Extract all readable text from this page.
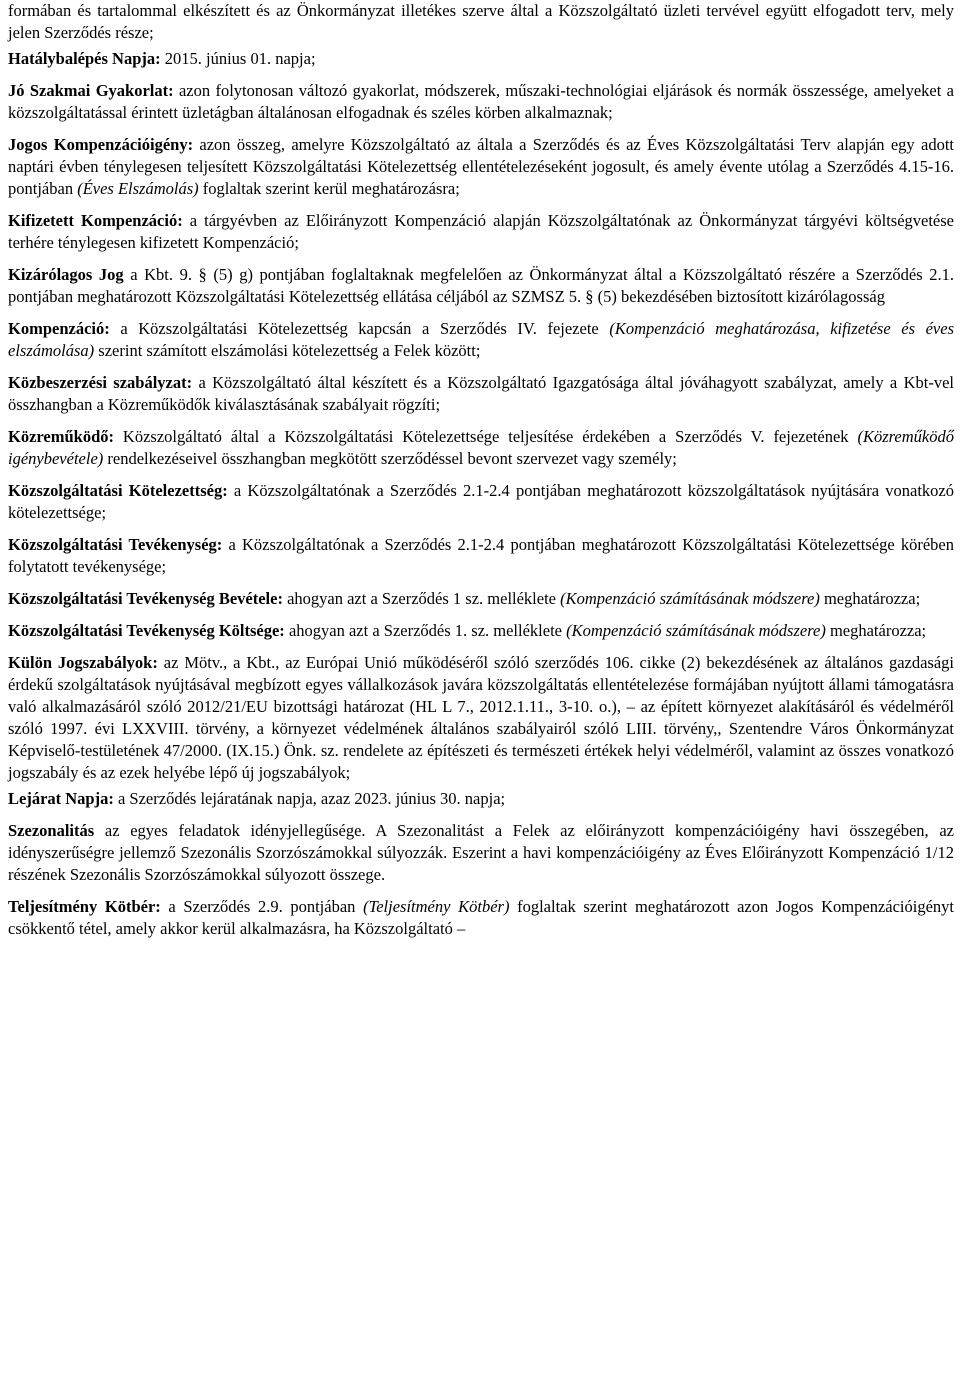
formában és tartalommal elkészített és az Önkormányzat illetékes szerve által a Közszolgáltató üzleti tervével együtt elfogadott terv, mely jelen Szerződés része;

Hatálybalépés Napja: 2015. június 01. napja;

Jó Szakmai Gyakorlat: azon folytonosan változó gyakorlat, módszerek, műszaki-technológiai eljárások és normák összessége, amelyeket a közszolgáltatással érintett üzletágban általánosan elfogadnak és széles körben alkalmaznak;

Jogos Kompenzációigény: azon összeg, amelyre Közszolgáltató az általa a Szerződés és az Éves Közszolgáltatási Terv alapján egy adott naptári évben ténylegesen teljesített Közszolgáltatási Kötelezettség ellentételezéseként jogosult, és amely évente utólag a Szerződés 4.15-16. pontjában (Éves Elszámolás) foglaltak szerint kerül meghatározásra;

Kifizetett Kompenzáció: a tárgyévben az Előirányzott Kompenzáció alapján Közszolgáltatónak az Önkormányzat tárgyévi költségvetése terhére ténylegesen kifizetett Kompenzáció;

Kizárólagos Jog a Kbt. 9. § (5) g) pontjában foglaltaknak megfelelően az Önkormányzat által a Közszolgáltató részére a Szerződés 2.1. pontjában meghatározott Közszolgáltatási Kötelezettség ellátása céljából az SZMSZ 5. § (5) bekezdésében biztosított kizárólagosság

Kompenzáció: a Közszolgáltatási Kötelezettség kapcsán a Szerződés IV. fejezete (Kompenzáció meghatározása, kifizetése és éves elszámolása) szerint számított elszámolási kötelezettség a Felek között;

Közbeszerzési szabályzat: a Közszolgáltató által készített és a Közszolgáltató Igazgatósága által jóváhagyott szabályzat, amely a Kbt-vel összhangban a Közreműködők kiválasztásának szabályait rögzíti;

Közreműködő: Közszolgáltató által a Közszolgáltatási Kötelezettsége teljesítése érdekében a Szerződés V. fejezetének (Közreműködő igénybevétele) rendelkezéseivel összhangban megkötött szerződéssel bevont szervezet vagy személy;

Közszolgáltatási Kötelezettség: a Közszolgáltatónak a Szerződés 2.1-2.4 pontjában meghatározott közszolgáltatások nyújtására vonatkozó kötelezettsége;

Közszolgáltatási Tevékenység: a Közszolgáltatónak a Szerződés 2.1-2.4 pontjában meghatározott Közszolgáltatási Kötelezettsége körében folytatott tevékenysége;

Közszolgáltatási Tevékenység Bevétele: ahogyan azt a Szerződés 1 sz. melléklete (Kompenzáció számításának módszere) meghatározza;

Közszolgáltatási Tevékenység Költsége: ahogyan azt a Szerződés 1. sz. melléklete (Kompenzáció számításának módszere) meghatározza;

Külön Jogszabályok: az Mötv., a Kbt., az Európai Unió működéséről szóló szerződés 106. cikke (2) bekezdésének az általános gazdasági érdekű szolgáltatások nyújtásával megbízott egyes vállalkozások javára közszolgáltatás ellentételezése formájában nyújtott állami támogatásra való alkalmazásáról szóló 2012/21/EU bizottsági határozat (HL L 7., 2012.1.11., 3-10. o.), – az épített környezet alakításáról és védelméről szóló 1997. évi LXXVIII. törvény, a környezet védelmének általános szabályairól szóló LIII. törvény,, Szentendre Város Önkormányzat Képviselő-testületének 47/2000. (IX.15.) Önk. sz. rendelete az építészeti és természeti értékek helyi védelméről, valamint az összes vonatkozó jogszabály és az ezek helyébe lépő új jogszabályok;

Lejárat Napja: a Szerződés lejáratának napja, azaz 2023. június 30. napja;

Szezonalitás az egyes feladatok idényjellegűsége. A Szezonalitást a Felek az előirányzott kompenzációigény havi összegében, az idényszerűségre jellemző Szezonális Szorzószámokkal súlyozzák. Eszerint a havi kompenzációigény az Éves Előirányzott Kompenzáció 1/12 részének Szezonális Szorzószámokkal súlyozott összege.

Teljesítmény Kötbér: a Szerződés 2.9. pontjában (Teljesítmény Kötbér) foglaltak szerint meghatározott azon Jogos Kompenzációigényt csökkentő tétel, amely akkor kerül alkalmazásra, ha Közszolgáltató –
